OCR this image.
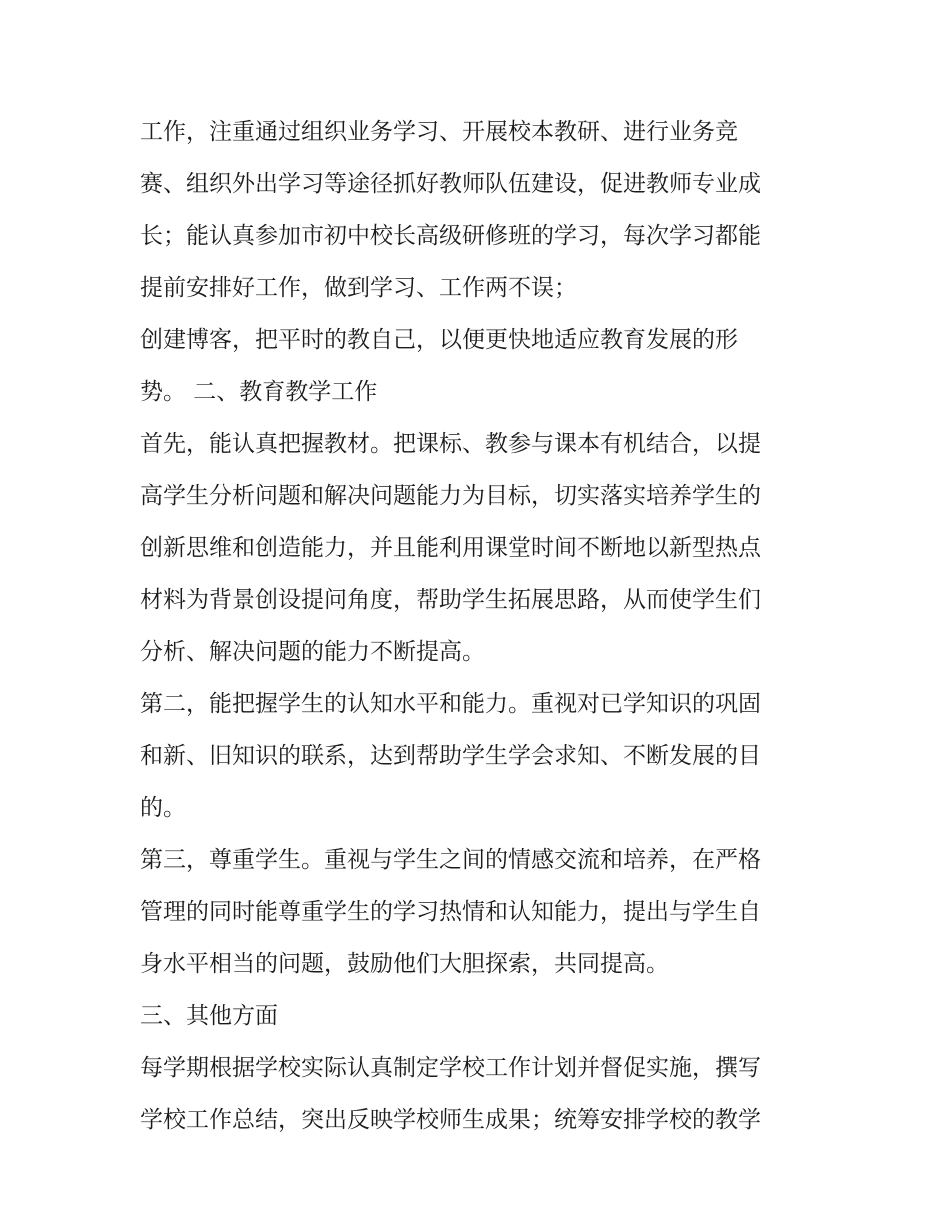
工作，注重通过组织业务学习、开展校本教研、进行业务竞
赛、组织外出学习等途径抓好教师队伍建设，促进教师专业成
长；能认真参加市初中校长高级研修班的学习，每次学习都能
提前安排好工作，做到学习、工作两不误；
创建博客，把平时的教自己，以便更快地适应教育发展的形
势。 二、教育教学工作
首先，能认真把握教材。把课标、教参与课本有机结合，以提
高学生分析问题和解决问题能力为目标，切实落实培养学生的
创新思维和创造能力，并且能利用课堂时间不断地以新型热点
材料为背景创设提问角度，帮助学生拓展思路，从而使学生们
分析、解决问题的能力不断提高。
第二，能把握学生的认知水平和能力。重视对已学知识的巩固
和新、旧知识的联系，达到帮助学生学会求知、不断发展的目
的。
第三，尊重学生。重视与学生之间的情感交流和培养，在严格
管理的同时能尊重学生的学习热情和认知能力，提出与学生自
身水平相当的问题，鼓励他们大胆探索，共同提高。
三、其他方面
每学期根据学校实际认真制定学校工作计划并督促实施，撰写
学校工作总结，突出反映学校师生成果；统筹安排学校的教学
